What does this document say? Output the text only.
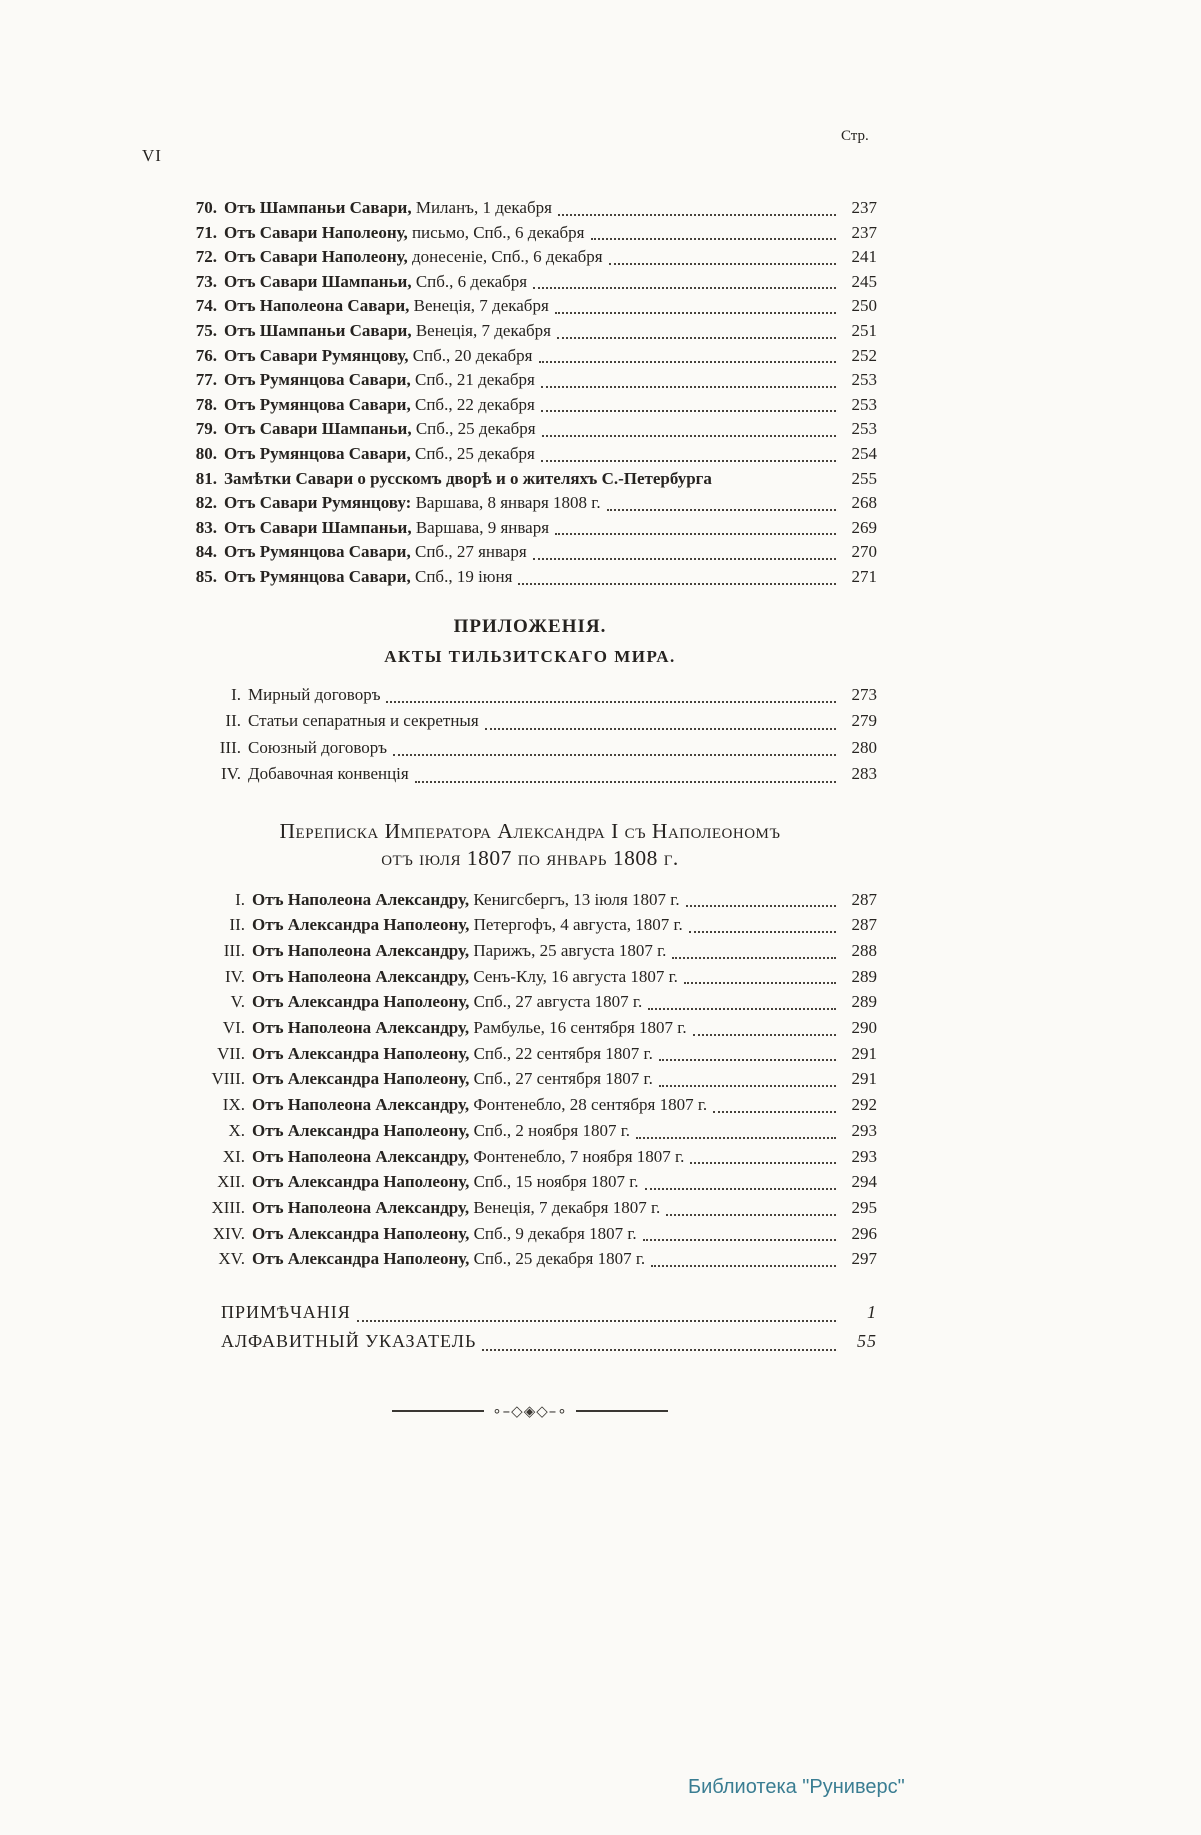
VI
Стр.
70. Отъ Шампаньи Савари, Миланъ, 1 декабря	237
71. Отъ Савари Наполеону, письмо, Спб., 6 декабря	237
72. Отъ Савари Наполеону, донесеніе, Спб., 6 декабря	241
73. Отъ Савари Шампаньи, Спб., 6 декабря	245
74. Отъ Наполеона Савари, Венеція, 7 декабря	250
75. Отъ Шампаньи Савари, Венеція, 7 декабря	251
76. Отъ Савари Румянцову, Спб., 20 декабря	252
77. Отъ Румянцова Савари, Спб., 21 декабря	253
78. Отъ Румянцова Савари, Спб., 22 декабря	253
79. Отъ Савари Шампаньи, Спб., 25 декабря	253
80. Отъ Румянцова Савари, Спб., 25 декабря	254
81. Замѣтки Савари о русскомъ дворѣ и о жителяхъ С.-Петербурга	255
82. Отъ Савари Румянцову: Варшава, 8 января 1808 г.	268
83. Отъ Савари Шампаньи, Варшава, 9 января	269
84. Отъ Румянцова Савари, Спб., 27 января	270
85. Отъ Румянцова Савари, Спб., 19 іюня	271
ПРИЛОЖЕНІЯ.
АКТЫ ТИЛЬЗИТСКАГО МИРА.
I. Мирный договоръ	273
II. Статьи сепаратныя и секретныя	279
III. Союзный договоръ	280
IV. Добавочная конвенція	283
Переписка Императора Александра I съ Наполеономъ
отъ іюля 1807 по январь 1808 г.
I. Отъ Наполеона Александру, Кенигсбергъ, 13 іюля 1807 г.	287
II. Отъ Александра Наполеону, Петергофъ, 4 августа, 1807 г.	287
III. Отъ Наполеона Александру, Парижъ, 25 августа 1807 г.	288
IV. Отъ Наполеона Александру, Сенъ-Клу, 16 августа 1807 г.	289
V. Отъ Александра Наполеону, Спб., 27 августа 1807 г.	289
VI. Отъ Наполеона Александру, Рамбулье, 16 сентября 1807 г.	290
VII. Отъ Александра Наполеону, Спб., 22 сентября 1807 г.	291
VIII. Отъ Александра Наполеону, Спб., 27 сентября 1807 г.	291
IX. Отъ Наполеона Александру, Фонтенебло, 28 сентября 1807 г.	292
X. Отъ Александра Наполеону, Спб., 2 ноября 1807 г.	293
XI. Отъ Наполеона Александру, Фонтенебло, 7 ноября 1807 г.	293
XII. Отъ Александра Наполеону, Спб., 15 ноября 1807 г.	294
XIII. Отъ Наполеона Александру, Венеція, 7 декабря 1807 г.	295
XIV. Отъ Александра Наполеону, Спб., 9 декабря 1807 г.	296
XV. Отъ Александра Наполеону, Спб., 25 декабря 1807 г.	297
ПРИМѢЧАНІЯ	1
АЛФАВИТНЫЙ УКАЗАТЕЛЬ	55
∘–◇◈◇–∘
Библиотека "Руниверс"
